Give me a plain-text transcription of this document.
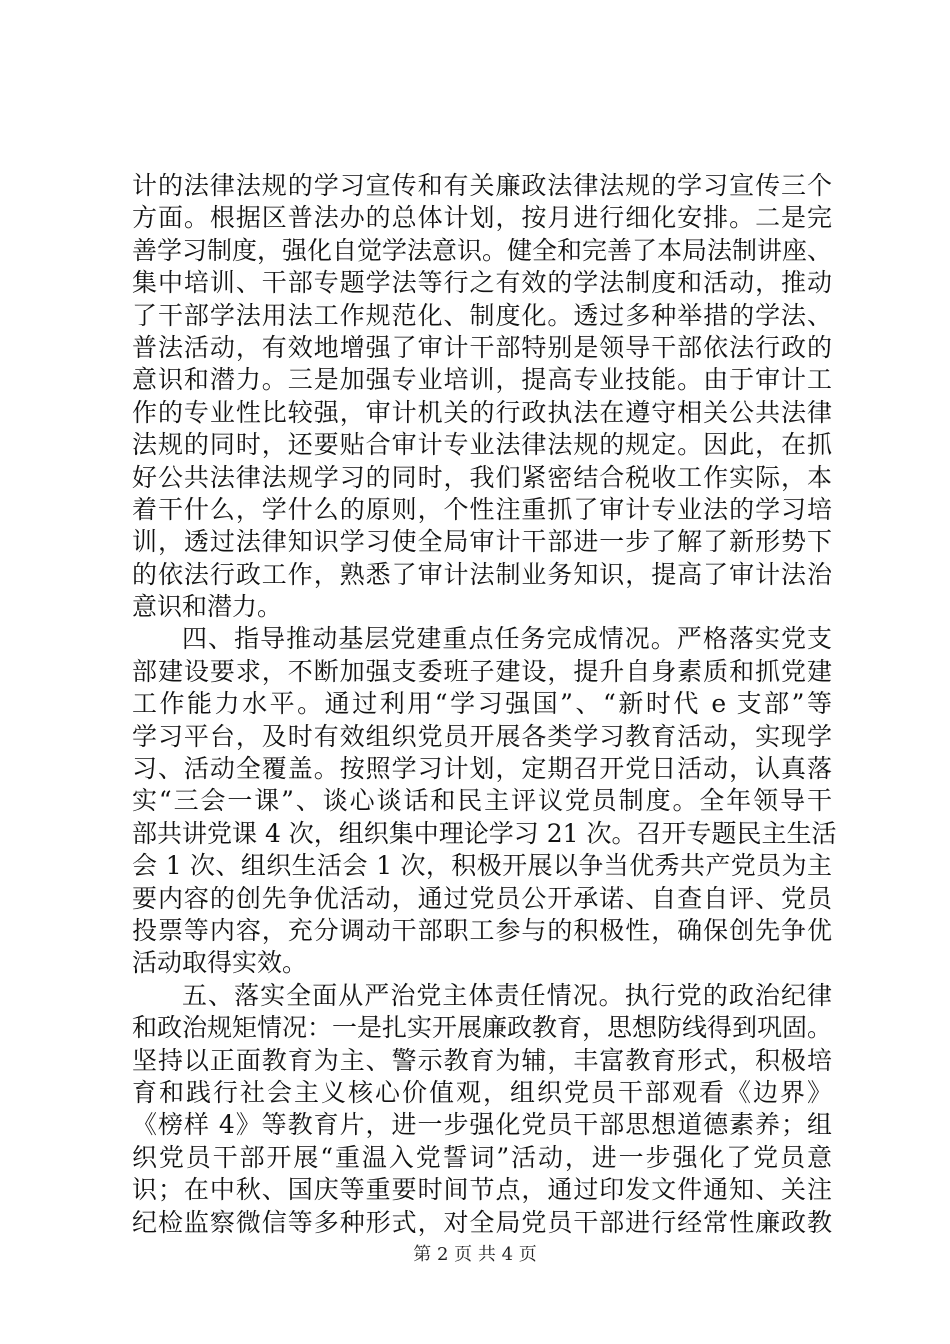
计的法律法规的学习宣传和有关廉政法律法规的学习宣传三个
方面。根据区普法办的总体计划，按月进行细化安排。二是完
善学习制度，强化自觉学法意识。健全和完善了本局法制讲座、
集中培训、干部专题学法等行之有效的学法制度和活动，推动
了干部学法用法工作规范化、制度化。透过多种举措的学法、
普法活动，有效地增强了审计干部特别是领导干部依法行政的
意识和潜力。三是加强专业培训，提高专业技能。由于审计工
作的专业性比较强，审计机关的行政执法在遵守相关公共法律
法规的同时，还要贴合审计专业法律法规的规定。因此，在抓
好公共法律法规学习的同时，我们紧密结合税收工作实际，本
着干什么，学什么的原则，个性注重抓了审计专业法的学习培
训，透过法律知识学习使全局审计干部进一步了解了新形势下
的依法行政工作，熟悉了审计法制业务知识，提高了审计法治
意识和潜力。
四、指导推动基层党建重点任务完成情况。严格落实党支
部建设要求，不断加强支委班子建设，提升自身素质和抓党建
工作能力水平。通过利用“学习强国”、“新时代 e 支部”等
学习平台，及时有效组织党员开展各类学习教育活动，实现学
习、活动全覆盖。按照学习计划，定期召开党日活动，认真落
实“三会一课”、谈心谈话和民主评议党员制度。全年领导干
部共讲党课 4 次，组织集中理论学习 21 次。召开专题民主生活
会 1 次、组织生活会 1 次，积极开展以争当优秀共产党员为主
要内容的创先争优活动，通过党员公开承诺、自查自评、党员
投票等内容，充分调动干部职工参与的积极性，确保创先争优
活动取得实效。
五、落实全面从严治党主体责任情况。执行党的政治纪律
和政治规矩情况：一是扎实开展廉政教育，思想防线得到巩固。
坚持以正面教育为主、警示教育为辅，丰富教育形式，积极培
育和践行社会主义核心价值观，组织党员干部观看《边界》
《榜样 4》等教育片，进一步强化党员干部思想道德素养；组
织党员干部开展“重温入党誓词”活动，进一步强化了党员意
识；在中秋、国庆等重要时间节点，通过印发文件通知、关注
纪检监察微信等多种形式，对全局党员干部进行经常性廉政教
第 2 页 共 4 页
